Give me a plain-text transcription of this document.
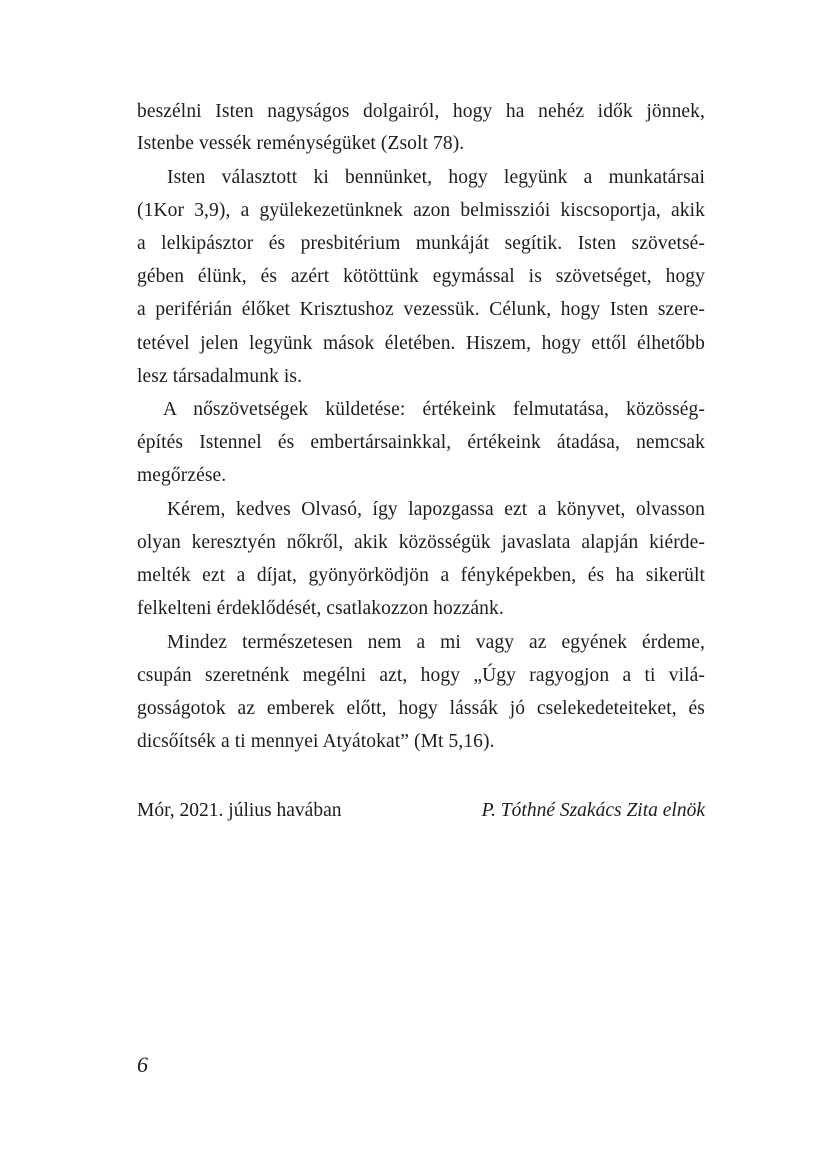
beszélni Isten nagyságos dolgairól, hogy ha nehéz idők jönnek,
Istenbe vessék reménységüket (Zsolt 78).
Isten választott ki bennünket, hogy legyünk a munkatársai
(1Kor 3,9), a gyülekezetünknek azon belmissziói kiscsoportja, akik
a lelkipásztor és presbitérium munkáját segítik. Isten szövetsé-
gében élünk, és azért kötöttünk egymással is szövetséget, hogy
a periférián élőket Krisztushoz vezessük. Célunk, hogy Isten szere-
tetével jelen legyünk mások életében. Hiszem, hogy ettől élhetőbb
lesz társadalmunk is.
A nőszövetségek küldetése: értékeink felmutatása, közösség-
építés Istennel és embertársainkkal, értékeink átadása, nemcsak
megőrzése.
Kérem, kedves Olvasó, így lapozgassa ezt a könyvet, olvasson
olyan keresztyén nőkről, akik közösségük javaslata alapján kiérde-
melték ezt a díjat, gyönyörködjön a fényképekben, és ha sikerült
felkelteni érdeklődését, csatlakozzon hozzánk.
Mindez természetesen nem a mi vagy az egyének érdeme,
csupán szeretnénk megélni azt, hogy „Úgy ragyogjon a ti vilá-
gosságotok az emberek előtt, hogy lássák jó cselekedeteiteket, és
dicsőítsék a ti mennyei Atyátokat” (Mt 5,16).
Mór, 2021. július havában	P. Tóthné Szakács Zita elnök
6
